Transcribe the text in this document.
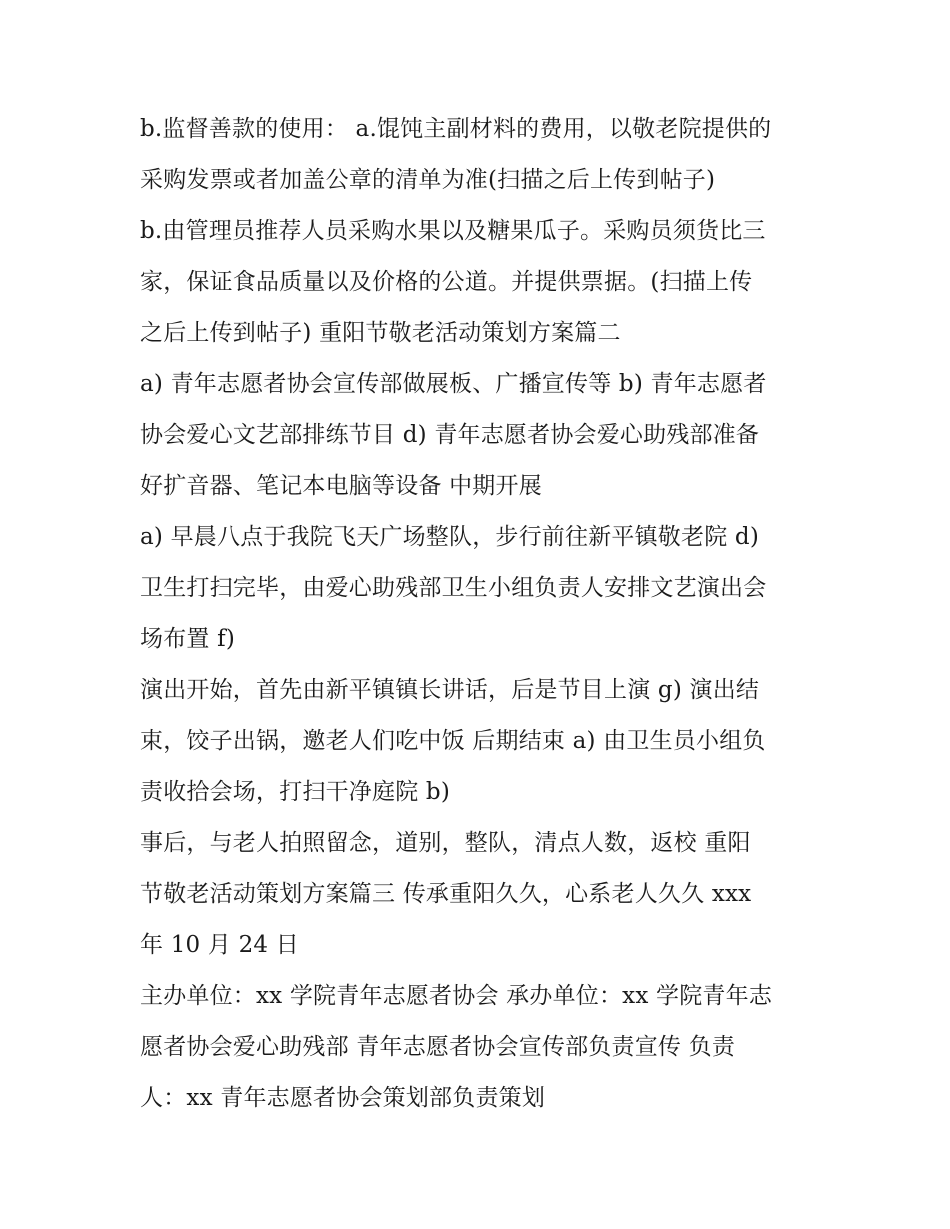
b.监督善款的使用： a.馄饨主副材料的费用，以敬老院提供的
采购发票或者加盖公章的清单为准(扫描之后上传到帖子)
b.由管理员推荐人员采购水果以及糖果瓜子。采购员须货比三
家，保证食品质量以及价格的公道。并提供票据。(扫描上传
之后上传到帖子) 重阳节敬老活动策划方案篇二
a) 青年志愿者协会宣传部做展板、广播宣传等 b) 青年志愿者
协会爱心文艺部排练节目 d) 青年志愿者协会爱心助残部准备
好扩音器、笔记本电脑等设备 中期开展
a) 早晨八点于我院飞天广场整队，步行前往新平镇敬老院 d)
卫生打扫完毕，由爱心助残部卫生小组负责人安排文艺演出会
场布置 f)
演出开始，首先由新平镇镇长讲话，后是节目上演 g) 演出结
束，饺子出锅，邀老人们吃中饭 后期结束 a) 由卫生员小组负
责收拾会场，打扫干净庭院 b)
事后，与老人拍照留念，道别，整队，清点人数，返校 重阳
节敬老活动策划方案篇三 传承重阳久久，心系老人久久 xxx
年 10 月 24 日
主办单位：xx 学院青年志愿者协会 承办单位：xx 学院青年志
愿者协会爱心助残部 青年志愿者协会宣传部负责宣传 负责
人：xx 青年志愿者协会策划部负责策划
